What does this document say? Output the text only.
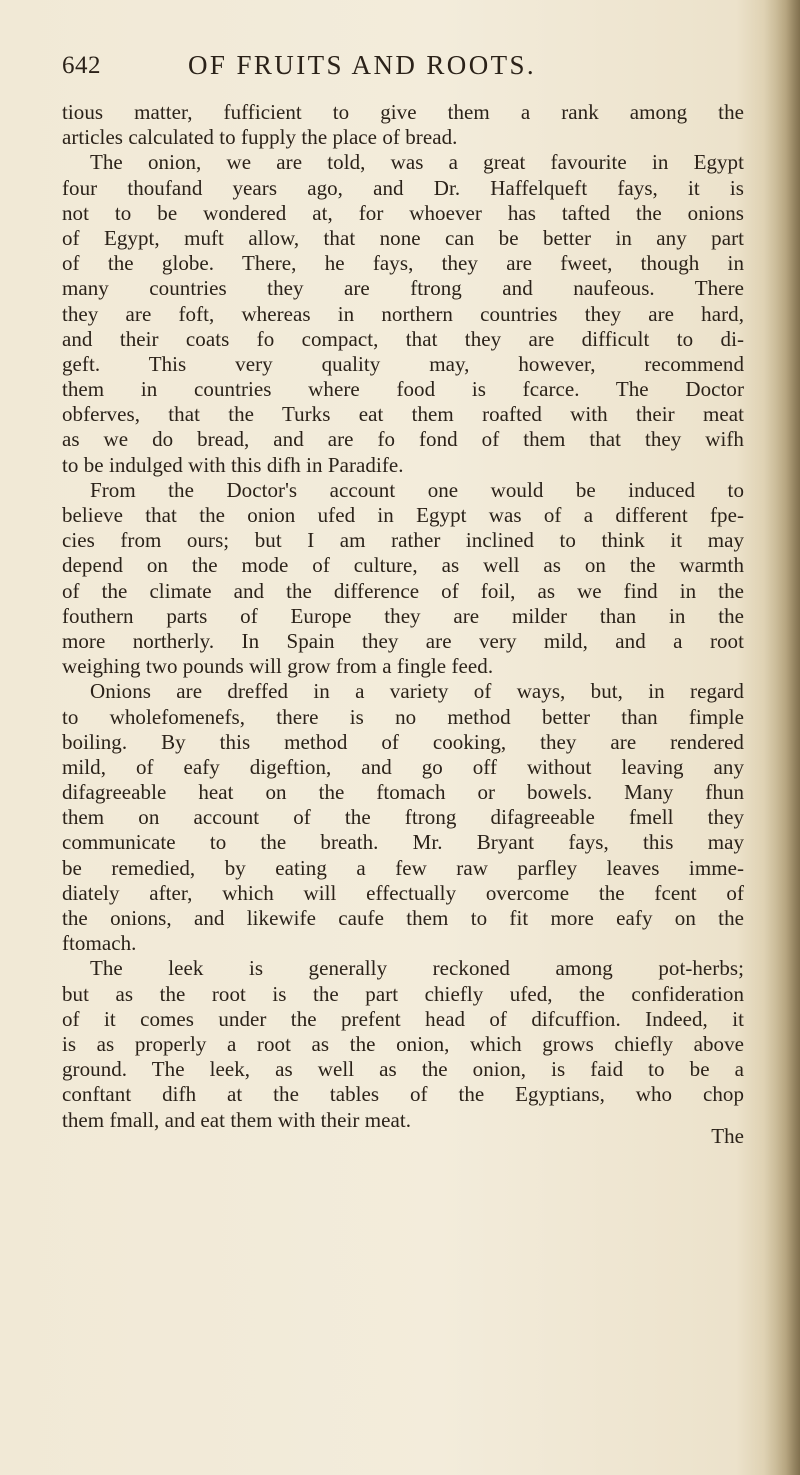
642	OF FRUITS AND ROOTS.
tious matter, fufficient to give them a rank among the
articles calculated to fupply the place of bread.
The onion, we are told, was a great favourite in Egypt
four thoufand years ago, and Dr. Haffelqueft fays, it is
not to be wondered at, for whoever has tafted the onions
of Egypt, muft allow, that none can be better in any part
of the globe. There, he fays, they are fweet, though in
many countries they are ftrong and naufeous. There
they are foft, whereas in northern countries they are hard,
and their coats fo compact, that they are difficult to di-
geft. This very quality may, however, recommend
them in countries where food is fcarce. The Doctor
obferves, that the Turks eat them roafted with their meat
as we do bread, and are fo fond of them that they wifh
to be indulged with this difh in Paradife.
From the Doctor's account one would be induced to
believe that the onion ufed in Egypt was of a different fpe-
cies from ours; but I am rather inclined to think it may
depend on the mode of culture, as well as on the warmth
of the climate and the difference of foil, as we find in the
fouthern parts of Europe they are milder than in the
more northerly. In Spain they are very mild, and a root
weighing two pounds will grow from a fingle feed.
Onions are dreffed in a variety of ways, but, in regard
to wholefomenefs, there is no method better than fimple
boiling. By this method of cooking, they are rendered
mild, of eafy digeftion, and go off without leaving any
difagreeable heat on the ftomach or bowels. Many fhun
them on account of the ftrong difagreeable fmell they
communicate to the breath. Mr. Bryant fays, this may
be remedied, by eating a few raw parfley leaves imme-
diately after, which will effectually overcome the fcent of
the onions, and likewife caufe them to fit more eafy on the
ftomach.
The leek is generally reckoned among pot-herbs;
but as the root is the part chiefly ufed, the confideration
of it comes under the prefent head of difcuffion. Indeed, it
is as properly a root as the onion, which grows chiefly above
ground. The leek, as well as the onion, is faid to be a
conftant difh at the tables of the Egyptians, who chop
them fmall, and eat them with their meat.
The
